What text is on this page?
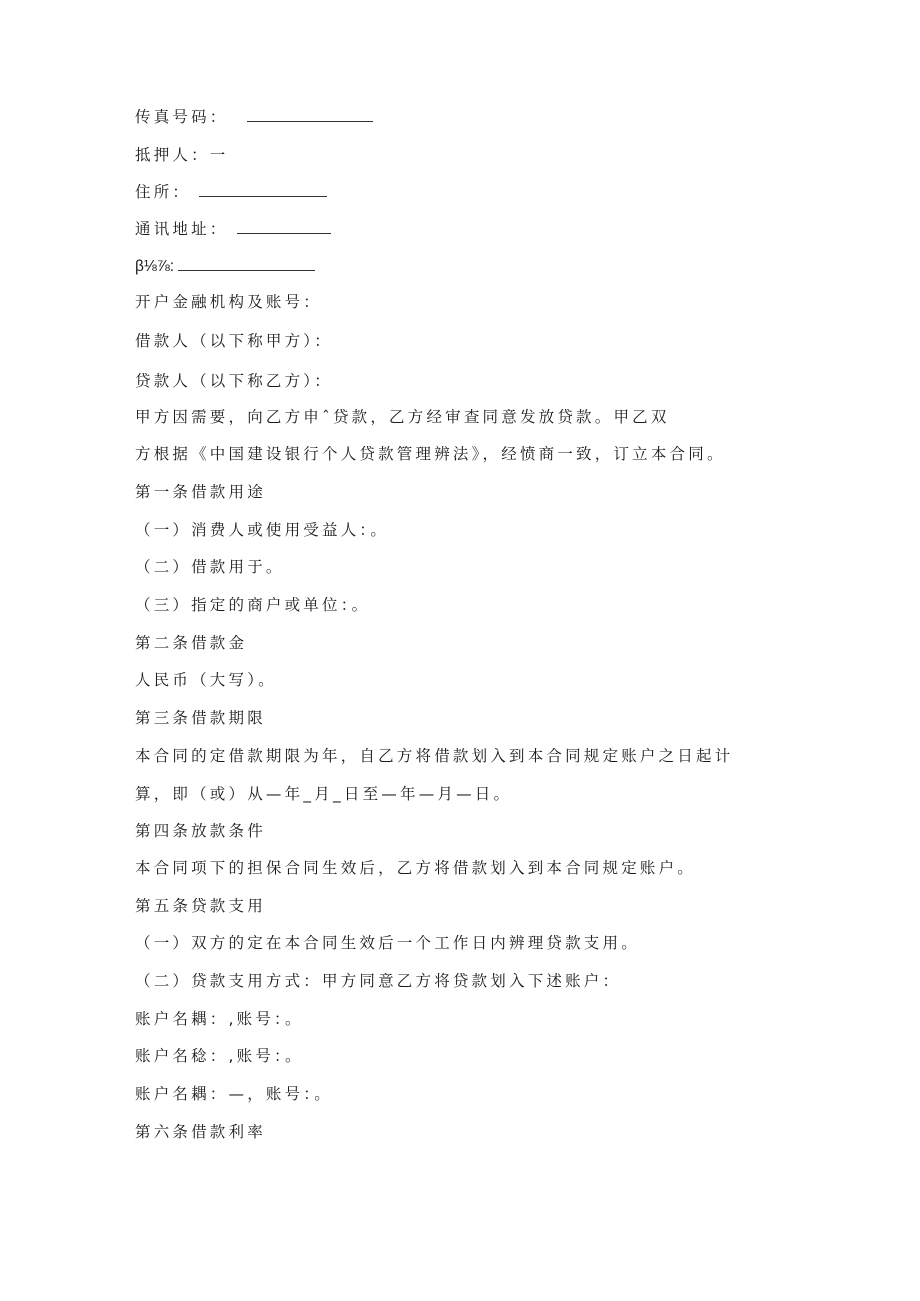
传真号码：
抵押人：一
住所：
通讯地址：
β⅛⅞:
开户金融机构及账号：
借款人（以下称甲方）：
贷款人（以下称乙方）：
甲方因需要，向乙方申ˆ贷款，乙方经审查同意发放贷款。甲乙双
方根据《中国建设银行个人贷款管理辨法》，经愤商一致，订立本合同。
第一条借款用途
（一）消费人或使用受益人：。
（二）借款用于。
（三）指定的商户或单位：。
第二条借款金
人民币（大写）。
第三条借款期限
本合同的定借款期限为年，自乙方将借款划入到本合同规定账户之日起计
算，即（或）从—年_月_日至—年—月—日。
第四条放款条件
本合同项下的担保合同生效后，乙方将借款划入到本合同规定账户。
第五条贷款支用
（一）双方的定在本合同生效后一个工作日内辨理贷款支用。
（二）贷款支用方式：甲方同意乙方将贷款划入下述账户：
账户名耦：,账号：。
账户名稔：,账号：。
账户名耦：—，账号：。
第六条借款利率
